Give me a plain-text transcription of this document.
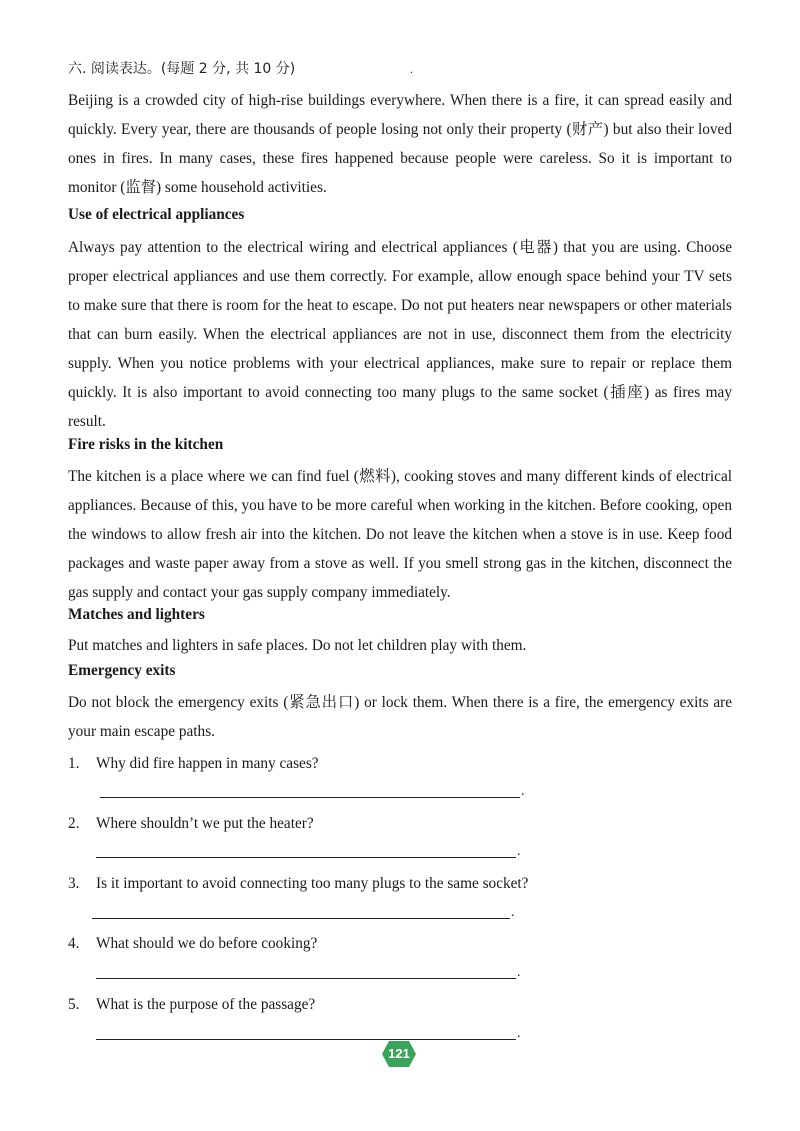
六. 阅读表达。(每题 2 分, 共 10 分)	.
Beijing is a crowded city of high-rise buildings everywhere. When there is a fire, it can spread easily and quickly. Every year, there are thousands of people losing not only their property (财产) but also their loved ones in fires. In many cases, these fires happened because people were careless. So it is important to monitor (监督) some household activities.
Use of electrical appliances
Always pay attention to the electrical wiring and electrical appliances (电器) that you are using. Choose proper electrical appliances and use them correctly. For example, allow enough space behind your TV sets to make sure that there is room for the heat to escape. Do not put heaters near newspapers or other materials that can burn easily. When the electrical appliances are not in use, disconnect them from the electricity supply. When you notice problems with your electrical appliances, make sure to repair or replace them quickly. It is also important to avoid connecting too many plugs to the same socket (插座) as fires may result.
Fire risks in the kitchen
The kitchen is a place where we can find fuel (燃料), cooking stoves and many different kinds of electrical appliances. Because of this, you have to be more careful when working in the kitchen. Before cooking, open the windows to allow fresh air into the kitchen. Do not leave the kitchen when a stove is in use. Keep food packages and waste paper away from a stove as well. If you smell strong gas in the kitchen, disconnect the gas supply and contact your gas supply company immediately.
Matches and lighters
Put matches and lighters in safe places. Do not let children play with them.
Emergency exits
Do not block the emergency exits (紧急出口) or lock them. When there is a fire, the emergency exits are your main escape paths.
1. Why did fire happen in many cases?
.
2. Where shouldn’t we put the heater?
.
3. Is it important to avoid connecting too many plugs to the same socket?
.
4. What should we do before cooking?
.
5. What is the purpose of the passage?
.
121
